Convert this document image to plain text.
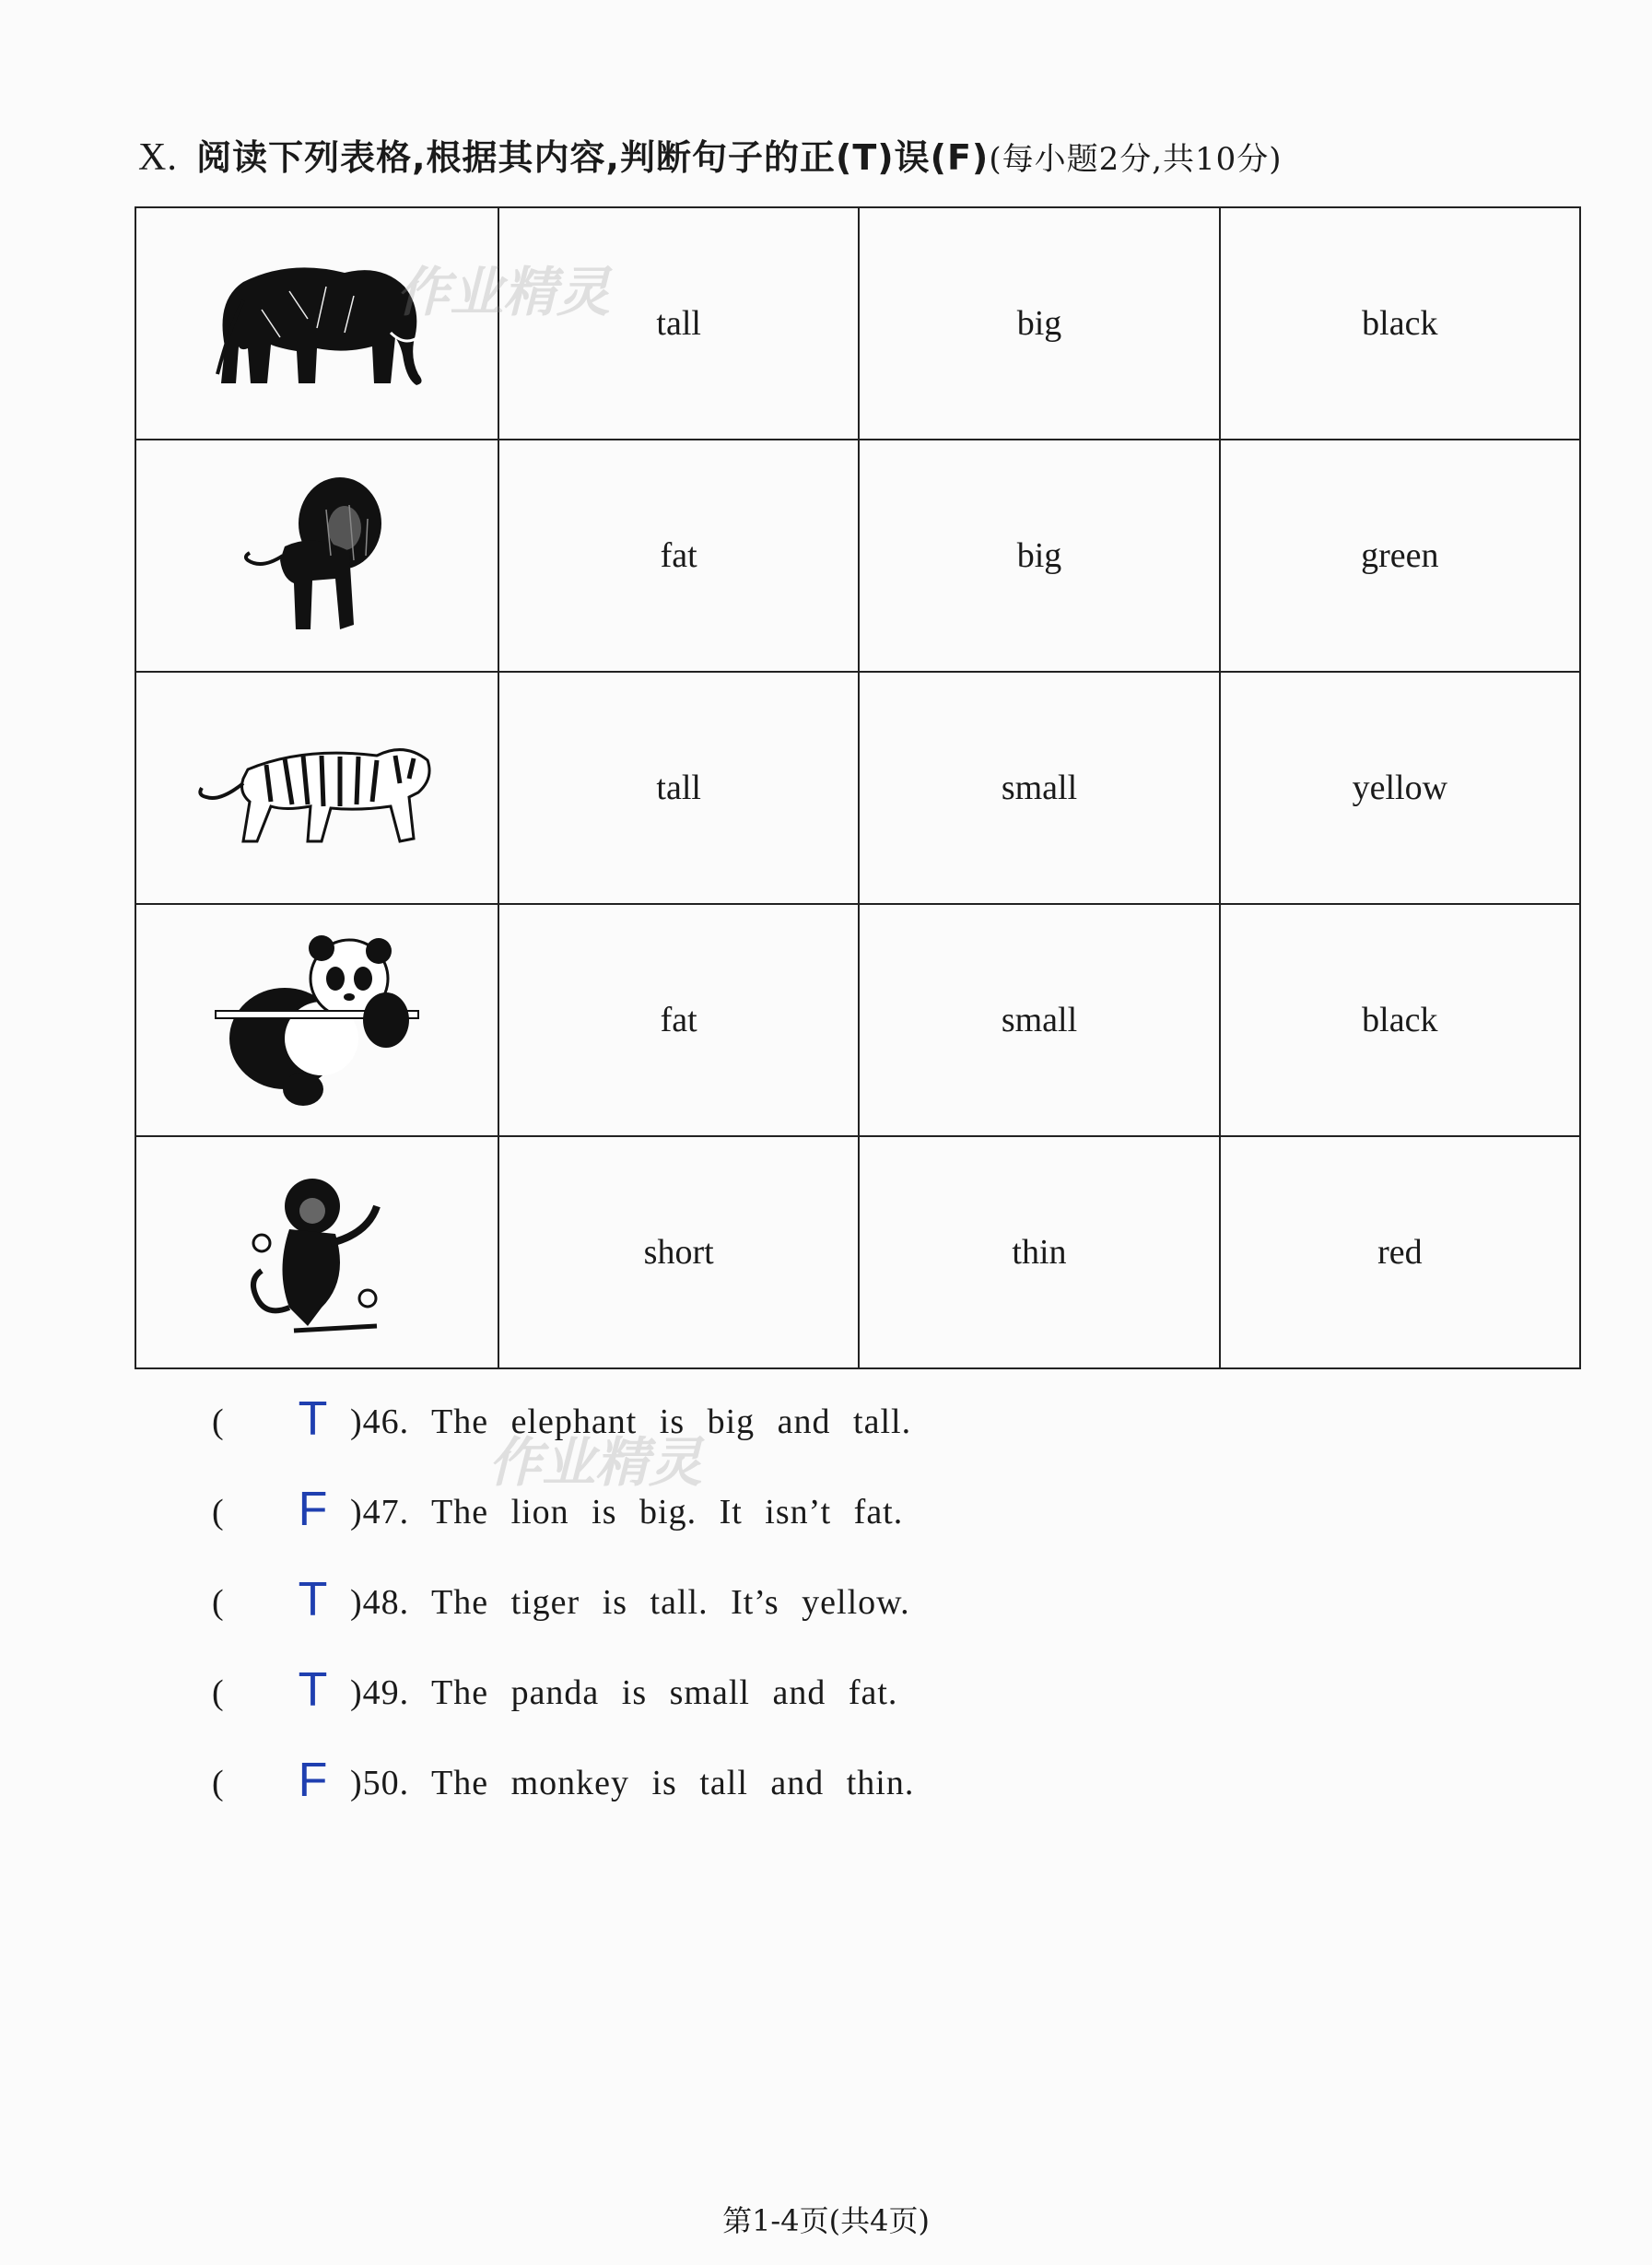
X. 阅读下列表格,根据其内容,判断句子的正(T)误(F)(每小题2分,共10分)
	tall	big	black

	fat	big	green

	tall	small	yellow

	fat	small	black

	short	thin	red
( T )46. The elephant is big and tall.
( F )47. The lion is big. It isn’t fat.
( T )48. The tiger is tall. It’s yellow.
( T )49. The panda is small and fat.
( F )50. The monkey is tall and thin.
作业精灵
作业精灵
第1-4页(共4页)
